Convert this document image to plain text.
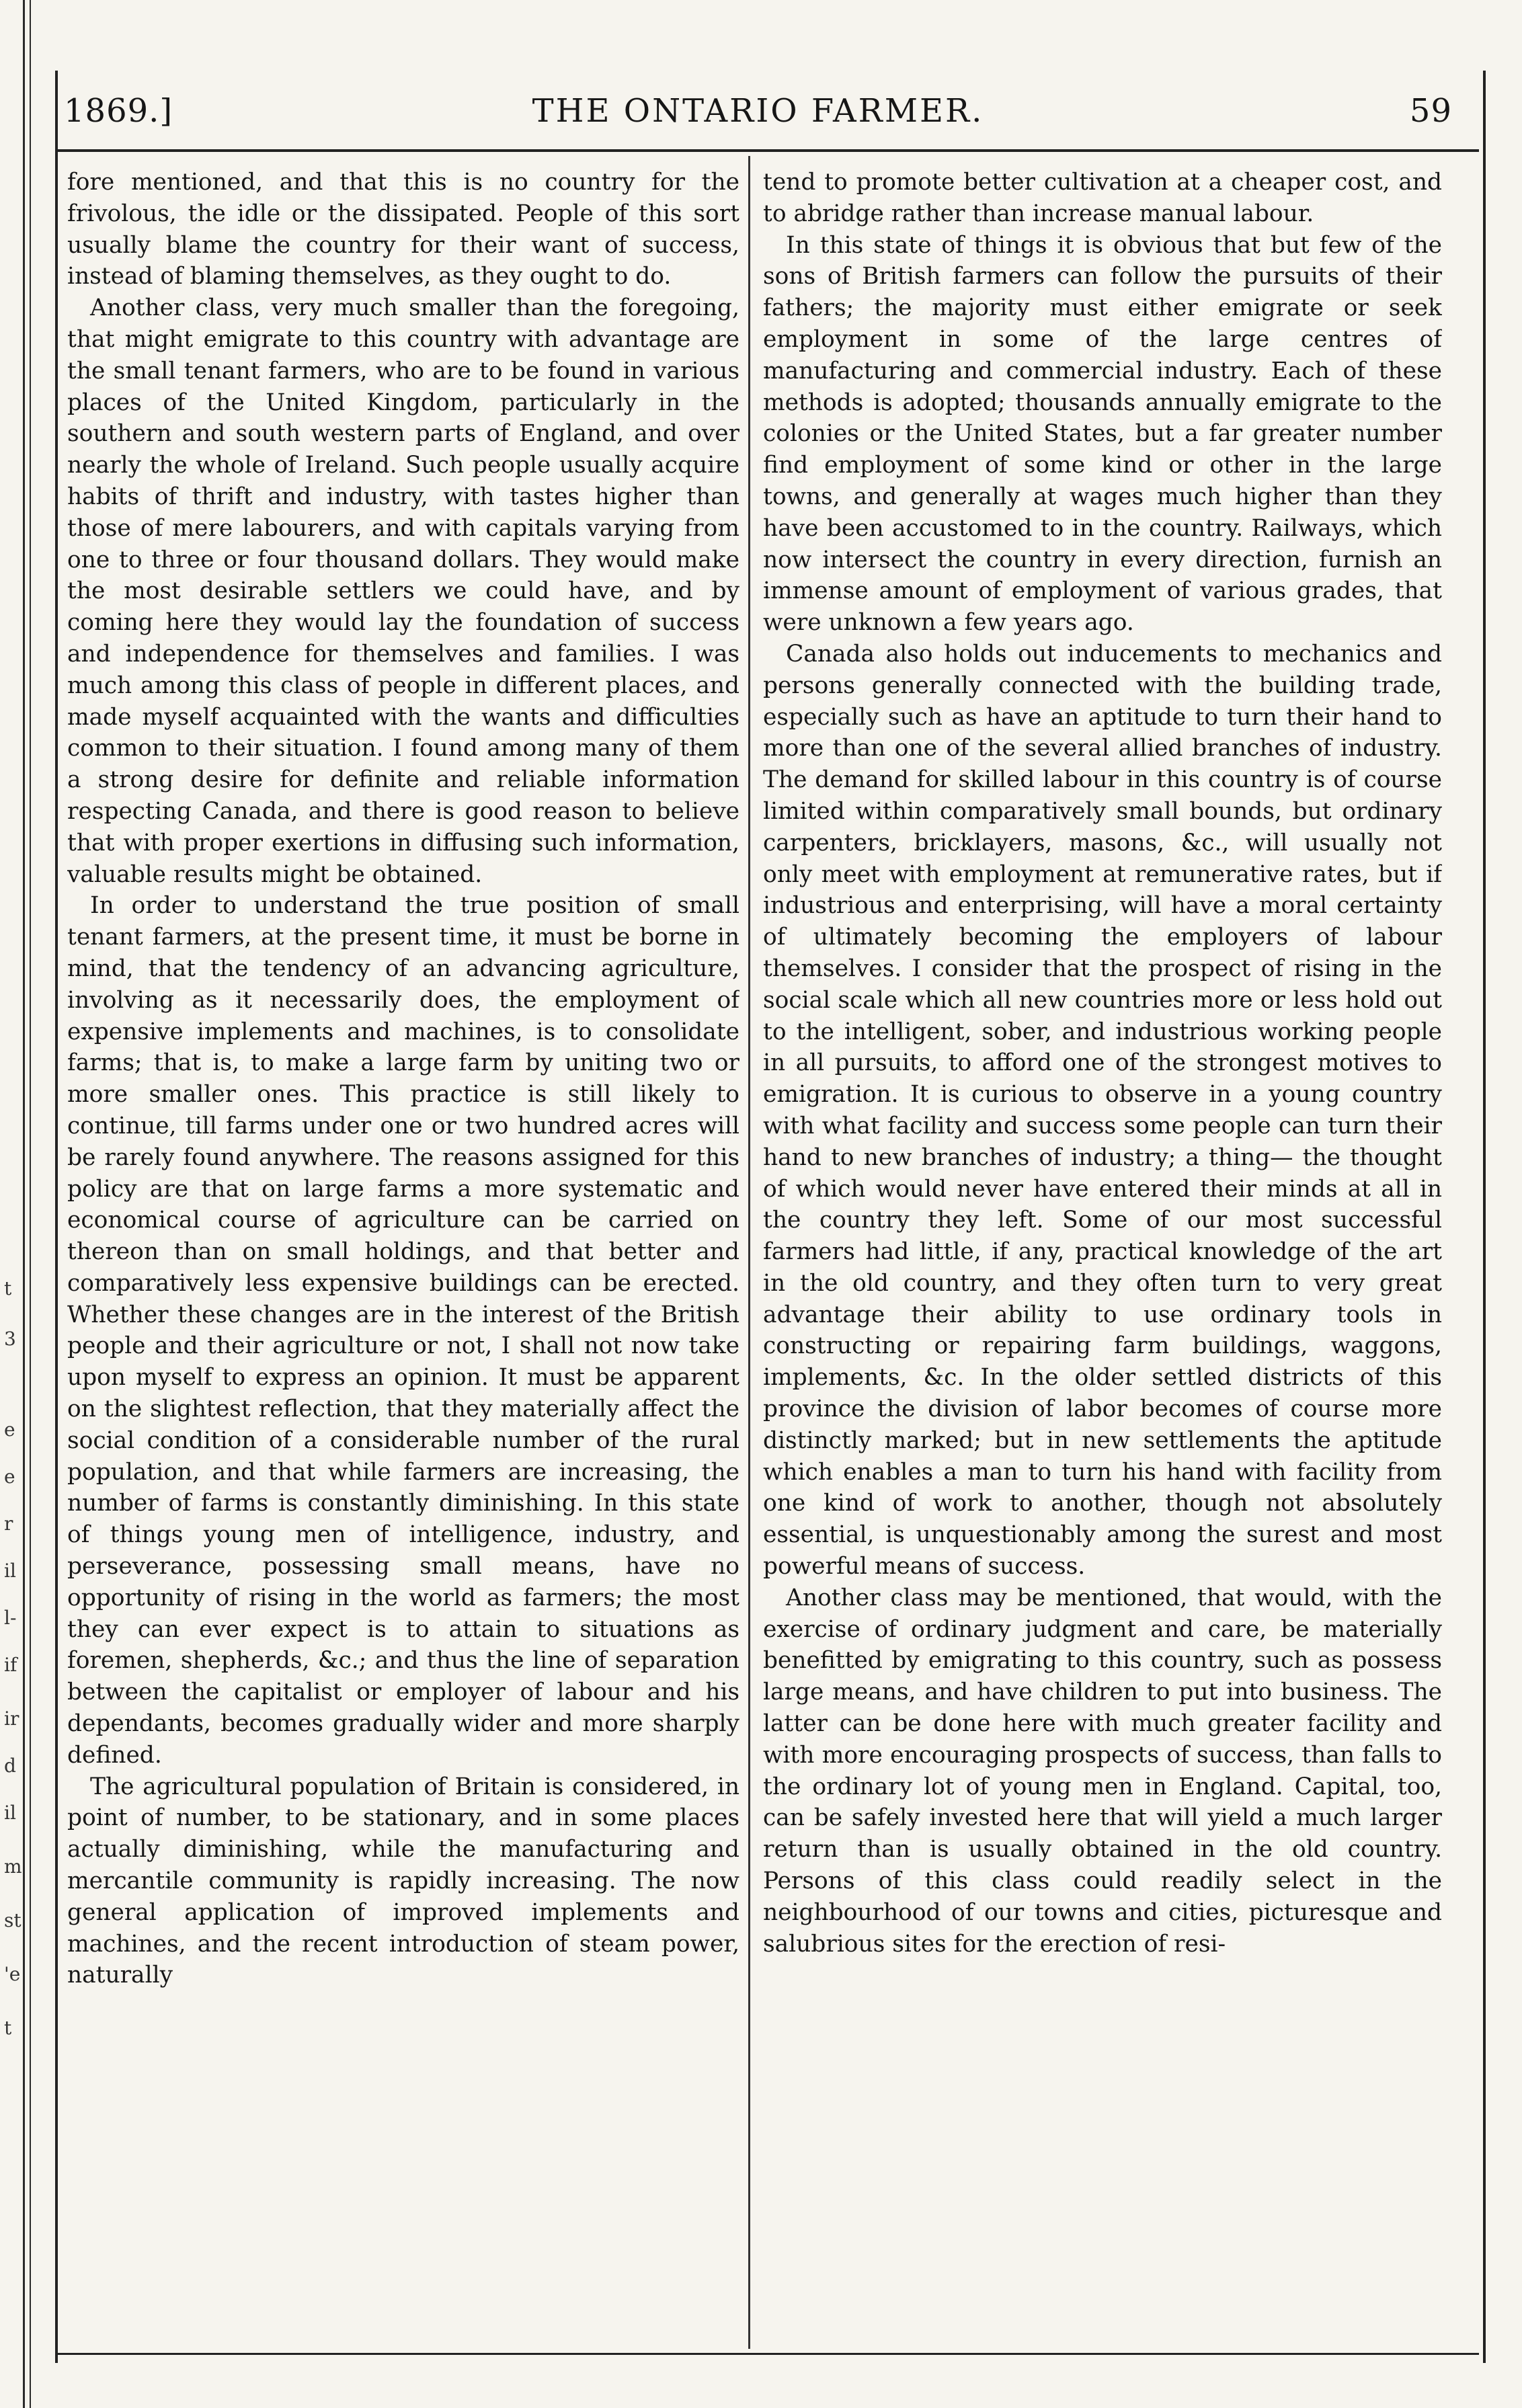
t
3
e
e
r
il
l-
if
ir
d
il
m
st
'e
t
1869.]	THE ONTARIO FARMER.	59

fore mentioned, and that this is no country for the frivolous, the idle or the dissipated. People of this sort usually blame the country for their want of success, instead of blaming themselves, as they ought to do.

Another class, very much smaller than the foregoing, that might emigrate to this country with advantage are the small tenant farmers, who are to be found in various places of the United Kingdom, particularly in the southern and south western parts of England, and over nearly the whole of Ireland. Such people usually acquire habits of thrift and industry, with tastes higher than those of mere labourers, and with capitals varying from one to three or four thousand dollars. They would make the most desirable settlers we could have, and by coming here they would lay the foundation of success and independence for themselves and families. I was much among this class of people in different places, and made myself acquainted with the wants and difficulties common to their situation. I found among many of them a strong desire for definite and reliable information respecting Canada, and there is good reason to believe that with proper exertions in diffusing such information, valuable results might be obtained.

In order to understand the true position of small tenant farmers, at the present time, it must be borne in mind, that the tendency of an advancing agriculture, involving as it necessarily does, the employment of expensive implements and machines, is to consolidate farms; that is, to make a large farm by uniting two or more smaller ones. This practice is still likely to continue, till farms under one or two hundred acres will be rarely found anywhere. The reasons assigned for this policy are that on large farms a more systematic and economical course of agriculture can be carried on thereon than on small holdings, and that better and comparatively less expensive buildings can be erected. Whether these changes are in the interest of the British people and their agriculture or not, I shall not now take upon myself to express an opinion. It must be apparent on the slightest reflection, that they materially affect the social condition of a considerable number of the rural population, and that while farmers are increasing, the number of farms is constantly diminishing. In this state of things young men of intelligence, industry, and perseverance, possessing small means, have no opportunity of rising in the world as farmers; the most they can ever expect is to attain to situations as foremen, shepherds, &c.; and thus the line of separation between the capitalist or employer of labour and his dependants, becomes gradually wider and more sharply defined.

The agricultural population of Britain is considered, in point of number, to be stationary, and in some places actually diminishing, while the manufacturing and mercantile community is rapidly increasing. The now general application of improved implements and machines, and the recent introduction of steam power, naturally

tend to promote better cultivation at a cheaper cost, and to abridge rather than increase manual labour.

In this state of things it is obvious that but few of the sons of British farmers can follow the pursuits of their fathers; the majority must either emigrate or seek employment in some of the large centres of manufacturing and commercial industry. Each of these methods is adopted; thousands annually emigrate to the colonies or the United States, but a far greater number find employment of some kind or other in the large towns, and generally at wages much higher than they have been accustomed to in the country. Railways, which now intersect the country in every direction, furnish an immense amount of employment of various grades, that were unknown a few years ago.

Canada also holds out inducements to mechanics and persons generally connected with the building trade, especially such as have an aptitude to turn their hand to more than one of the several allied branches of industry. The demand for skilled labour in this country is of course limited within comparatively small bounds, but ordinary carpenters, bricklayers, masons, &c., will usually not only meet with employment at remunerative rates, but if industrious and enterprising, will have a moral certainty of ultimately becoming the employers of labour themselves. I consider that the prospect of rising in the social scale which all new countries more or less hold out to the intelligent, sober, and industrious working people in all pursuits, to afford one of the strongest motives to emigration. It is curious to observe in a young country with what facility and success some people can turn their hand to new branches of industry; a thing— the thought of which would never have entered their minds at all in the country they left. Some of our most successful farmers had little, if any, practical knowledge of the art in the old country, and they often turn to very great advantage their ability to use ordinary tools in constructing or repairing farm buildings, waggons, implements, &c. In the older settled districts of this province the division of labor becomes of course more distinctly marked; but in new settlements the aptitude which enables a man to turn his hand with facility from one kind of work to another, though not absolutely essential, is unquestionably among the surest and most powerful means of success.

Another class may be mentioned, that would, with the exercise of ordinary judgment and care, be materially benefitted by emigrating to this country, such as possess large means, and have children to put into business. The latter can be done here with much greater facility and with more encouraging prospects of success, than falls to the ordinary lot of young men in England. Capital, too, can be safely invested here that will yield a much larger return than is usually obtained in the old country. Persons of this class could readily select in the neighbourhood of our towns and cities, picturesque and salubrious sites for the erection of resi-
